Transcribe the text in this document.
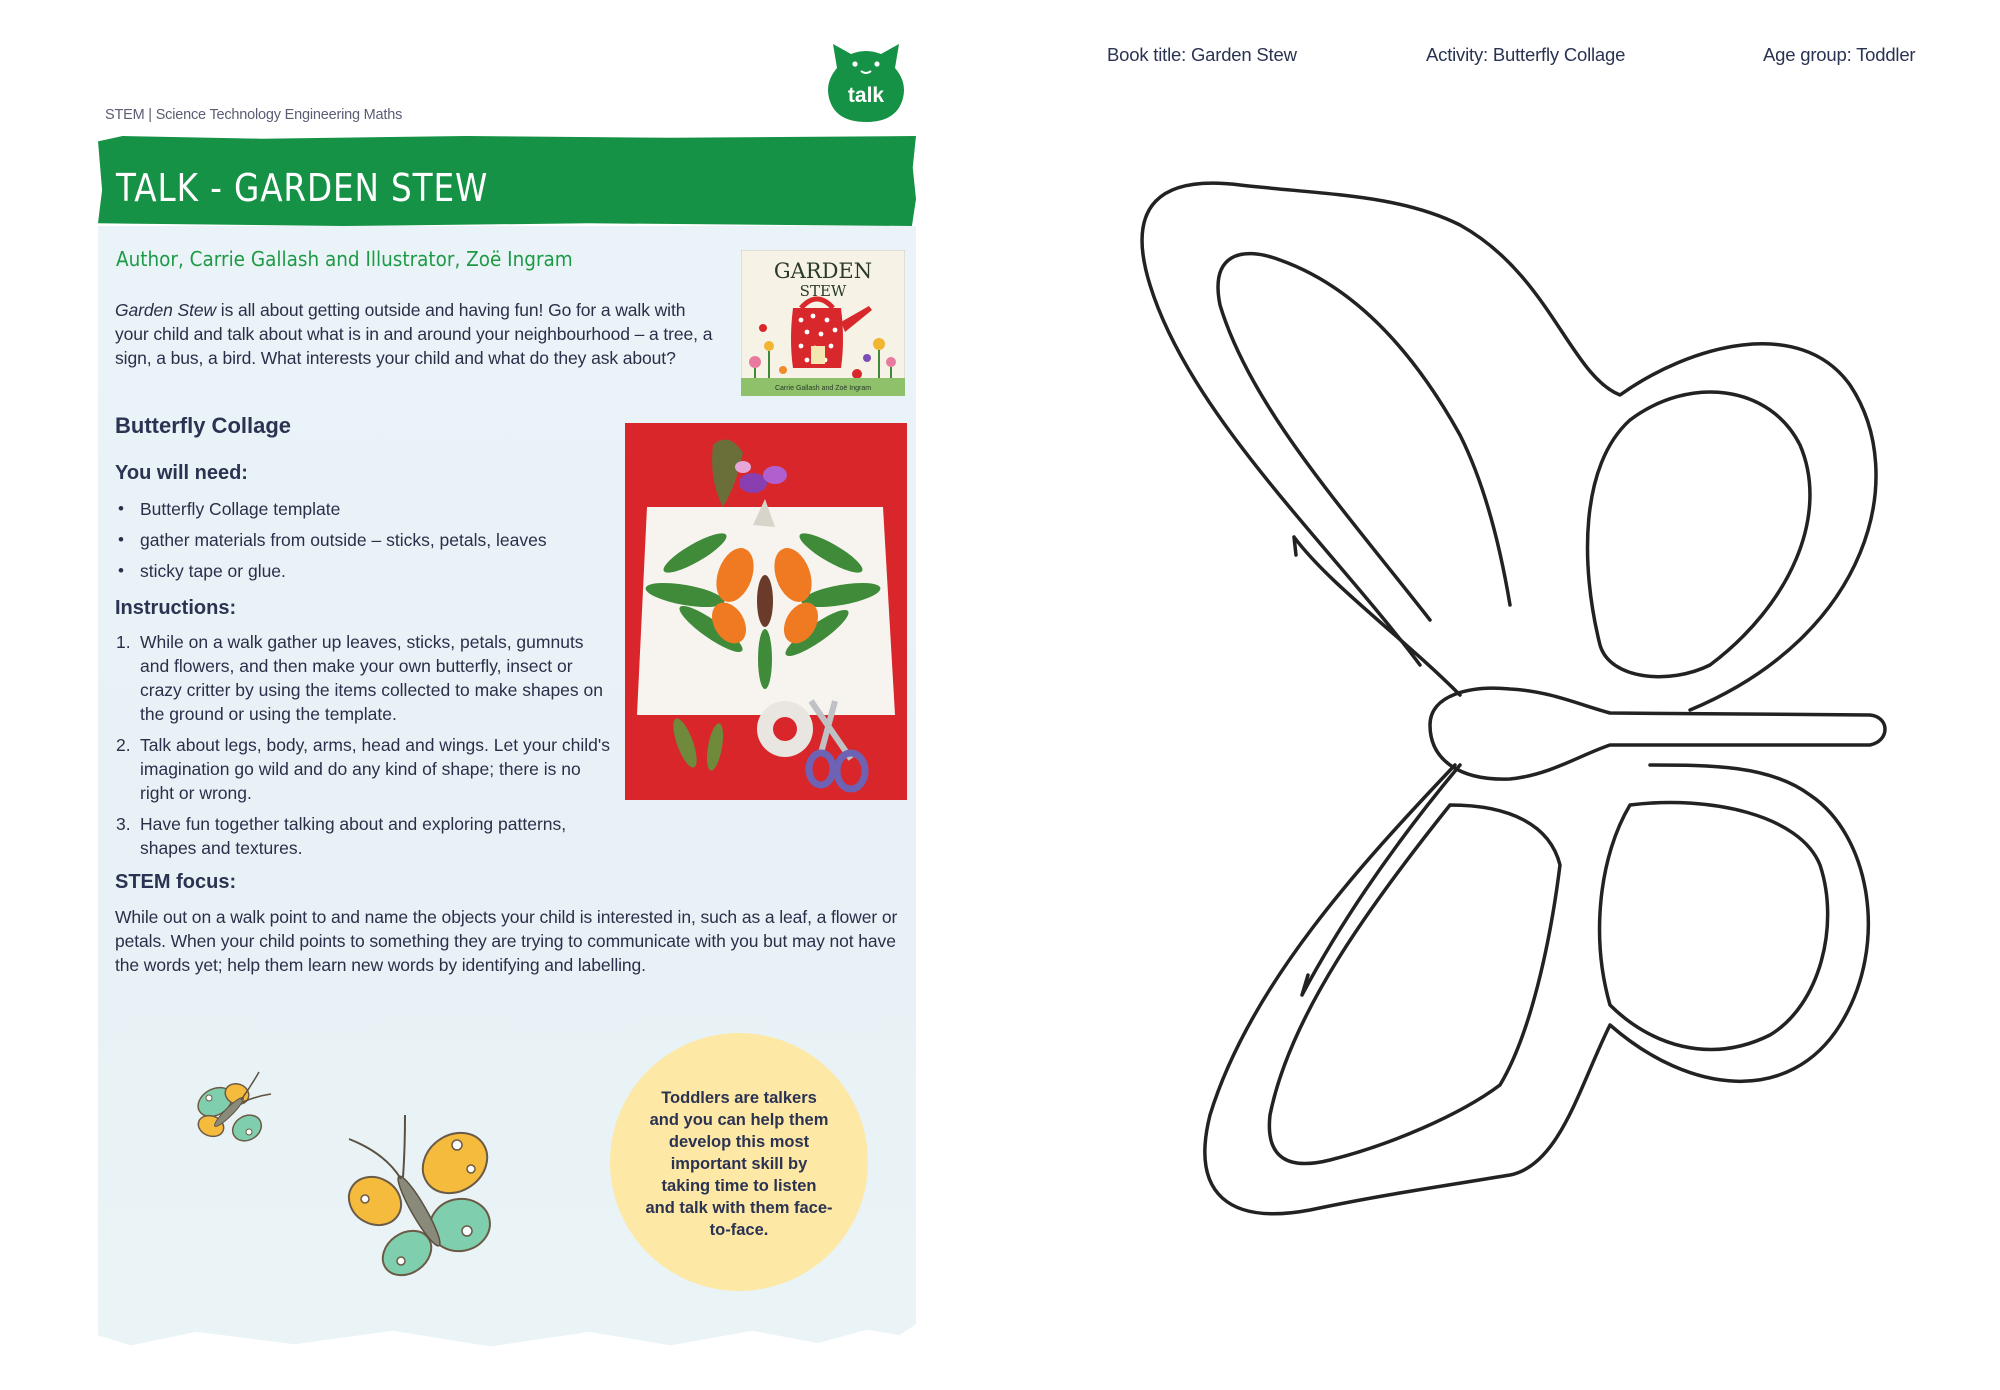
STEM | Science Technology Engineering Maths
talk
TALK - GARDEN STEW
Author, Carrie Gallash and Illustrator, Zoë Ingram	GARDEN
STEW
Carrie Gallash and Zoë Ingram

Garden Stew is all about getting outside and having fun! Go for a walk with your child and talk about what is in and around your neighbourhood – a tree, a sign, a bus, a bird. What interests your child and what do they ask about?

Butterfly Collage
You will need:
• Butterfly Collage template
• gather materials from outside – sticks, petals, leaves
• sticky tape or glue.
Instructions:
1. While on a walk gather up leaves, sticks, petals, gumnuts and flowers, and then make your own butterfly, insect or crazy critter by using the items collected to make shapes on the ground or using the template.
2. Talk about legs, body, arms, head and wings. Let your child's imagination go wild and do any kind of shape; there is no right or wrong.
3. Have fun together talking about and exploring patterns, shapes and textures.
STEM focus:

While out on a walk point to and name the objects your child is interested in, such as a leaf, a flower or petals. When your child points to something they are trying to communicate with you but may not have the words yet; help them learn new words by identifying and labelling.

Toddlers are talkers and you can help them develop this most important skill by taking time to listen and talk with them face-to-face.
Book title: Garden Stew	Activity: Butterfly Collage	Age group: Toddler
